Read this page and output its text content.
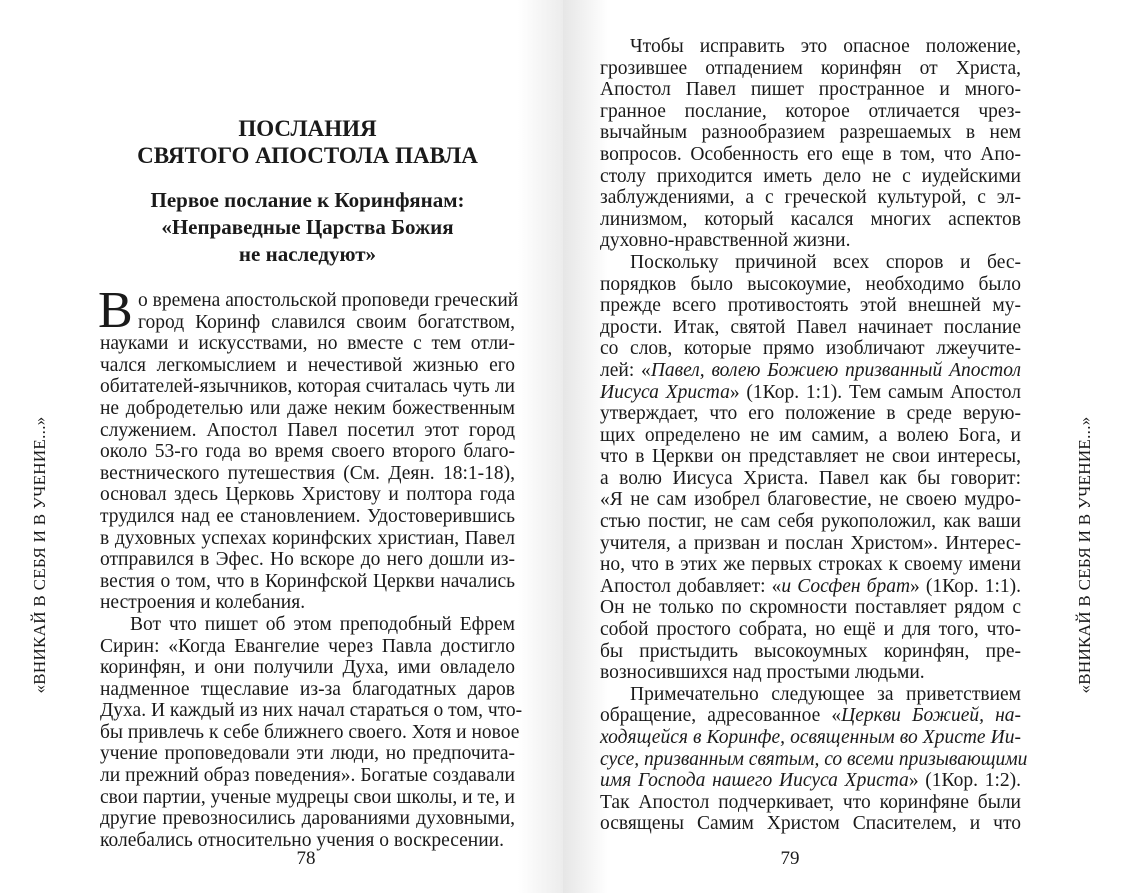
«ВНИКАЙ В СЕБЯ И В УЧЕНИЕ...»
ПОСЛАНИЯ
СВЯТОГО АПОСТОЛА ПАВЛА
Первое послание к Коринфянам:
«Неправедные Царства Божия
не наследуют»
В о времена апостольской проповеди греческий
город Коринф славился своим богатством,
науками и искусствами, но вместе с тем отли-
чался легкомыслием и нечестивой жизнью его
обитателей-язычников, которая считалась чуть ли
не добродетелью или даже неким божественным
служением. Апостол Павел посетил этот город
около 53-го года во время своего второго благо-
вестнического путешествия (См. Деян. 18:1-18),
основал здесь Церковь Христову и полтора года
трудился над ее становлением. Удостоверившись
в духовных успехах коринфских христиан, Павел
отправился в Эфес. Но вскоре до него дошли из-
вестия о том, что в Коринфской Церкви начались
нестроения и колебания.
Вот что пишет об этом преподобный Ефрем
Сирин: «Когда Евангелие через Павла достигло
коринфян, и они получили Духа, ими овладело
надменное тщеславие из-за благодатных даров
Духа. И каждый из них начал стараться о том, что-
бы привлечь к себе ближнего своего. Хотя и новое
учение проповедовали эти люди, но предпочита-
ли прежний образ поведения». Богатые создавали
свои партии, ученые мудрецы свои школы, и те, и
другие превозносились дарованиями духовными,
колебались относительно учения о воскресении.
78
Чтобы исправить это опасное положение,
грозившее отпадением коринфян от Христа,
Апостол Павел пишет пространное и много-
гранное послание, которое отличается чрез-
вычайным разнообразием разрешаемых в нем
вопросов. Особенность его еще в том, что Апо-
столу приходится иметь дело не с иудейскими
заблуждениями, а с греческой культурой, с эл-
линизмом, который касался многих аспектов
духовно-нравственной жизни.
Поскольку причиной всех споров и бес-
порядков было высокоумие, необходимо было
прежде всего противостоять этой внешней му-
дрости. Итак, святой Павел начинает послание
со слов, которые прямо изобличают лжеучите-
лей: «Павел, волею Божиею призванный Апостол
Иисуса Христа» (1Кор. 1:1). Тем самым Апостол
утверждает, что его положение в среде верую-
щих определено не им самим, а волею Бога, и
что в Церкви он представляет не свои интересы,
а волю Иисуса Христа. Павел как бы говорит:
«Я не сам изобрел благовестие, не своею мудро-
стью постиг, не сам себя рукоположил, как ваши
учителя, а призван и послан Христом». Интерес-
но, что в этих же первых строках к своему имени
Апостол добавляет: «и Сосфен брат» (1Кор. 1:1).
Он не только по скромности поставляет рядом с
собой простого собрата, но ещё и для того, что-
бы пристыдить высокоумных коринфян, пре-
возносившихся над простыми людьми.
Примечательно следующее за приветствием
обращение, адресованное «Церкви Божией, на-
ходящейся в Коринфе, освященным во Христе Ии-
сусе, призванным святым, со всеми призывающими
имя Господа нашего Иисуса Христа» (1Кор. 1:2).
Так Апостол подчеркивает, что коринфяне были
освящены Самим Христом Спасителем, и что
79
«ВНИКАЙ В СЕБЯ И В УЧЕНИЕ...»
